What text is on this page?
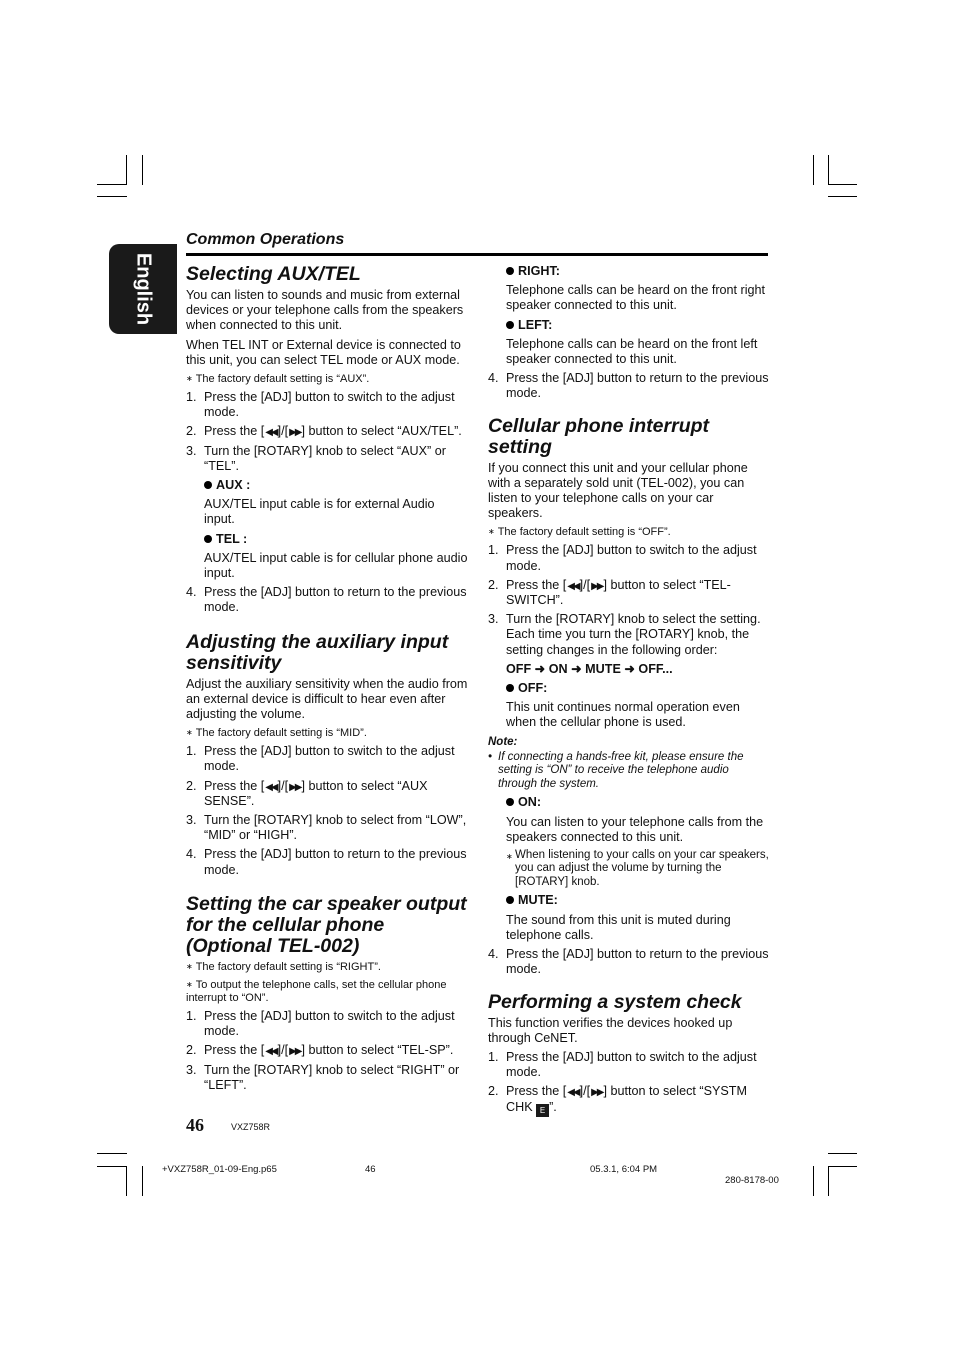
English
Common Operations
Selecting AUX/TEL

You can listen to sounds and music from external devices or your telephone calls from the speakers when connected to this unit.

When TEL INT or External device is connected to this unit, you can select TEL mode or AUX mode.

∗ The factory default setting is “AUX”.
1. Press the [ADJ] button to switch to the adjust mode.
2. Press the [◀◀]/[▶▶] button to select “AUX/TEL”.
3. Turn the [ROTARY] knob to select “AUX” or “TEL”.
AUX :

AUX/TEL input cable is for external Audio input.

TEL :

AUX/TEL input cable is for cellular phone audio input.

4. Press the [ADJ] button to return to the previous mode.
Adjusting the auxiliary input sensitivity

Adjust the auxiliary sensitivity when the audio from an external device is difficult to hear even after adjusting the volume.

∗ The factory default setting is “MID”.
1. Press the [ADJ] button to switch to the adjust mode.
2. Press the [◀◀]/[▶▶] button to select “AUX SENSE”.
3. Turn the [ROTARY] knob to select from “LOW”, “MID” or “HIGH”.
4. Press the [ADJ] button to return to the previous mode.
Setting the car speaker output for the cellular phone (Optional TEL-002)
∗ The factory default setting is “RIGHT”.
∗ To output the telephone calls, set the cellular phone interrupt to “ON”.
1. Press the [ADJ] button to switch to the adjust mode.
2. Press the [◀◀]/[▶▶] button to select “TEL-SP”.
3. Turn the [ROTARY] knob to select “RIGHT” or “LEFT”.
RIGHT:

Telephone calls can be heard on the front right speaker connected to this unit.

LEFT:

Telephone calls can be heard on the front left speaker connected to this unit.

4. Press the [ADJ] button to return to the previous mode.
Cellular phone interrupt setting

If you connect this unit and your cellular phone with a separately sold unit (TEL-002), you can listen to your telephone calls on your car speakers.

∗ The factory default setting is “OFF”.
1. Press the [ADJ] button to switch to the adjust mode.
2. Press the [◀◀]/[▶▶] button to select “TEL-SWITCH”.
3. Turn the [ROTARY] knob to select the setting. Each time you turn the [ROTARY] knob, the setting changes in the following order:
OFF ➜ ON ➜ MUTE ➜ OFF...
OFF:

This unit continues normal operation even when the cellular phone is used.

Note:
• If connecting a hands-free kit, please ensure the setting is “ON” to receive the telephone audio through the system.
ON:

You can listen to your telephone calls from the speakers connected to this unit.

∗ When listening to your calls on your car speakers, you can adjust the volume by turning the [ROTARY] knob.
MUTE:

The sound from this unit is muted during telephone calls.

4. Press the [ADJ] button to return to the previous mode.
Performing a system check

This function verifies the devices hooked up through CeNET.

1. Press the [ADJ] button to switch to the adjust mode.
2. Press the [◀◀]/[▶▶] button to select “SYSTM CHK E ”.
46	VXZ758R
+VXZ758R_01-09-Eng.p65	46	05.3.1, 6:04 PM
280-8178-00
